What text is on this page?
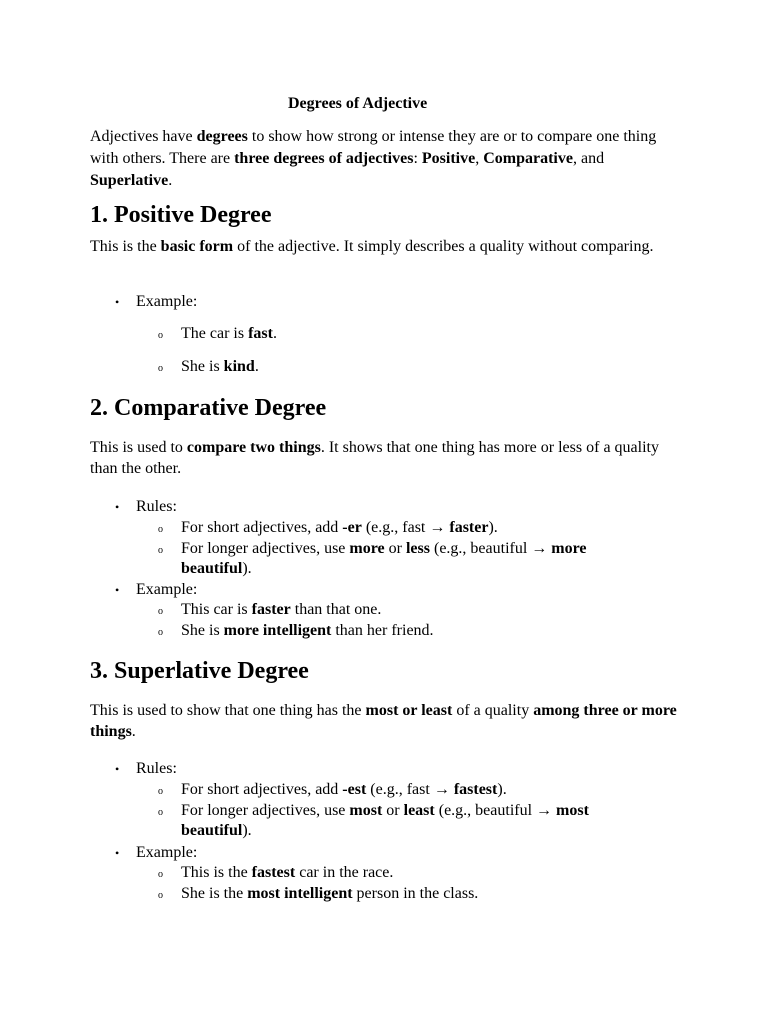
Degrees of Adjective

Adjectives have degrees to show how strong or intense they are or to compare one thing with others. There are three degrees of adjectives: Positive, Comparative, and Superlative.

1. Positive Degree

This is the basic form of the adjective. It simply describes a quality without comparing.

• Example:
o The car is fast.
o She is kind.
2. Comparative Degree

This is used to compare two things. It shows that one thing has more or less of a quality than the other.

• Rules:
o For short adjectives, add -er (e.g., fast → faster).
o For longer adjectives, use more or less (e.g., beautiful → more beautiful).
• Example:
o This car is faster than that one.
o She is more intelligent than her friend.
3. Superlative Degree

This is used to show that one thing has the most or least of a quality among three or more things.

• Rules:
o For short adjectives, add -est (e.g., fast → fastest).
o For longer adjectives, use most or least (e.g., beautiful → most beautiful).
• Example:
o This is the fastest car in the race.
o She is the most intelligent person in the class.
